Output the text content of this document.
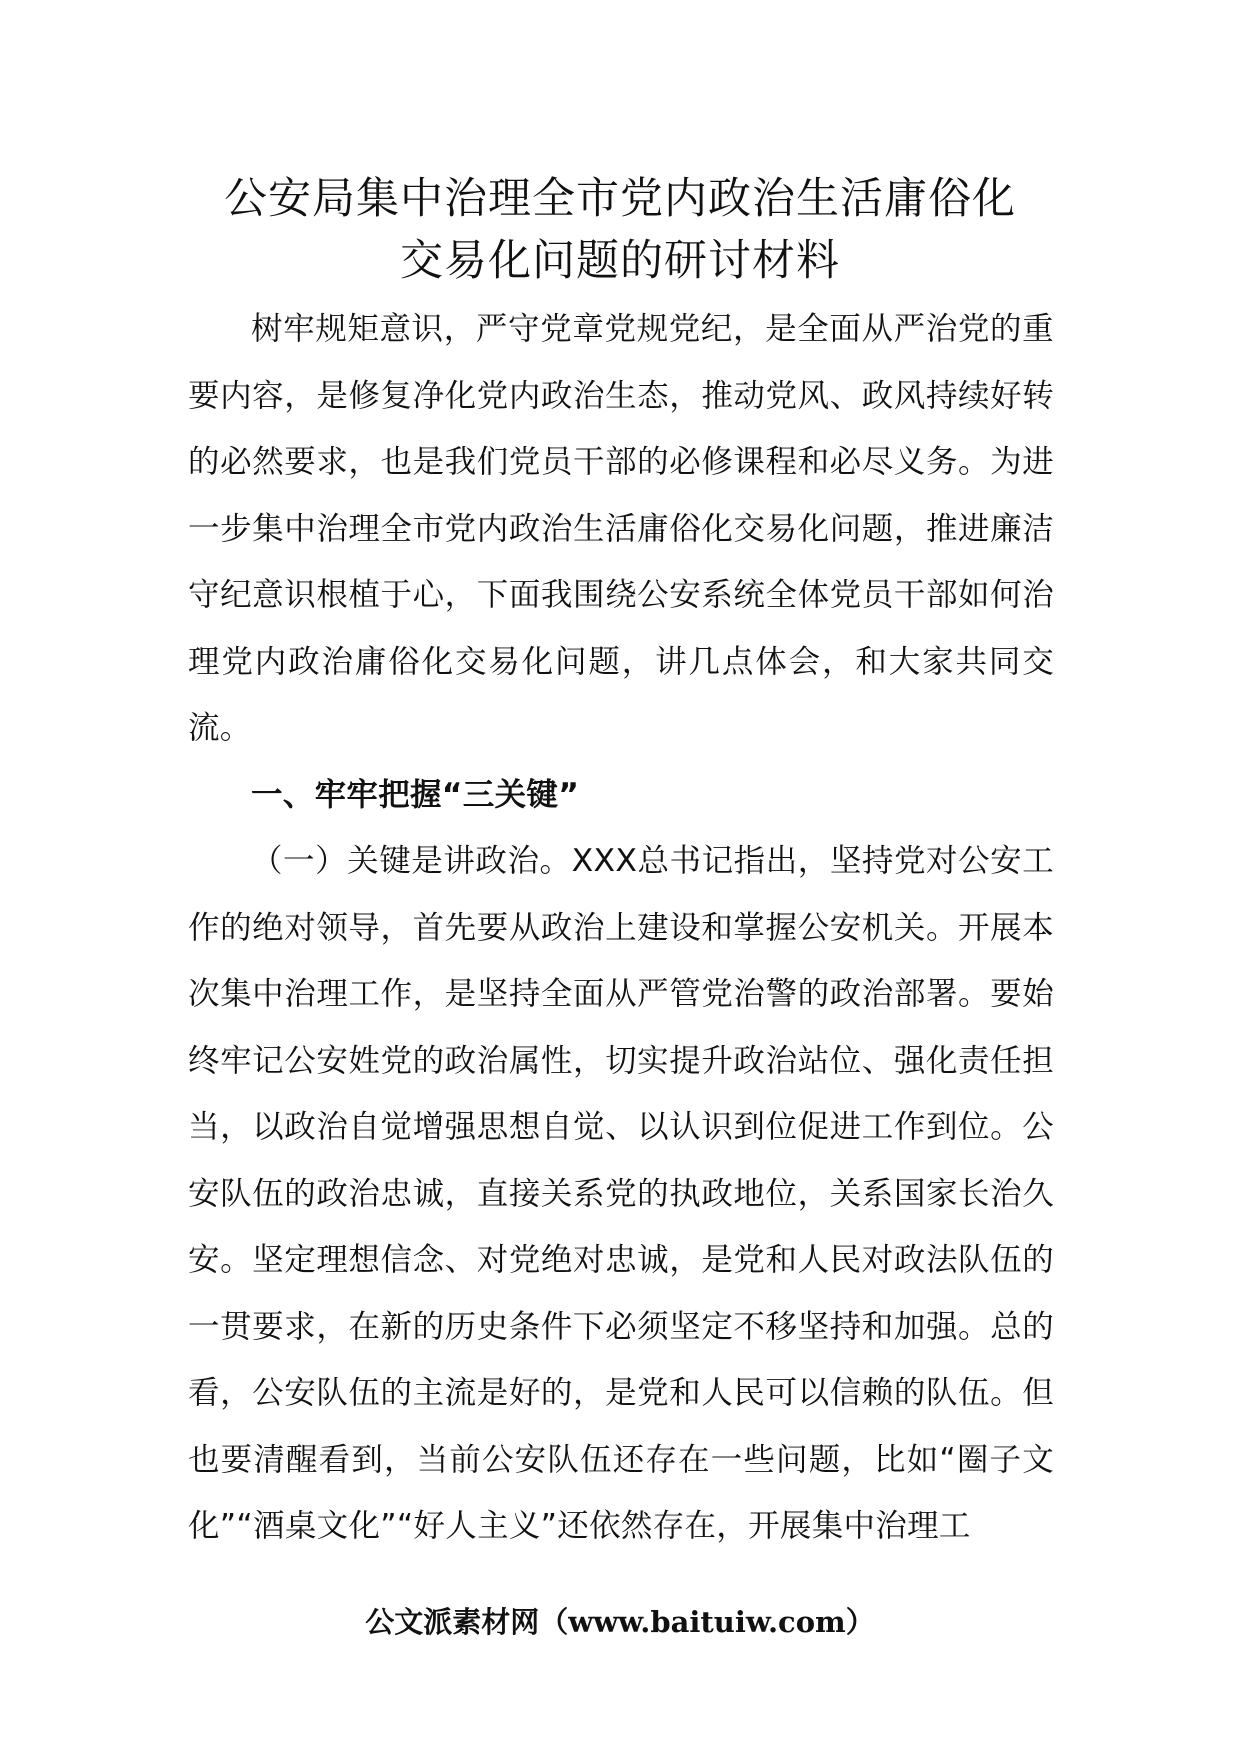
公安局集中治理全市党内政治生活庸俗化
交易化问题的研讨材料

树牢规矩意识，严守党章党规党纪，是全面从严治党的重要内容，是修复净化党内政治生态，推动党风、政风持续好转的必然要求，也是我们党员干部的必修课程和必尽义务。为进一步集中治理全市党内政治生活庸俗化交易化问题，推进廉洁守纪意识根植于心，下面我围绕公安系统全体党员干部如何治理党内政治庸俗化交易化问题，讲几点体会，和大家共同交流。

一、牢牢把握“三关键”

（一）关键是讲政治。XXX总书记指出，坚持党对公安工作的绝对领导，首先要从政治上建设和掌握公安机关。开展本次集中治理工作，是坚持全面从严管党治警的政治部署。要始终牢记公安姓党的政治属性，切实提升政治站位、强化责任担当，以政治自觉增强思想自觉、以认识到位促进工作到位。公安队伍的政治忠诚，直接关系党的执政地位，关系国家长治久安。坚定理想信念、对党绝对忠诚，是党和人民对政法队伍的一贯要求，在新的历史条件下必须坚定不移坚持和加强。总的看，公安队伍的主流是好的，是党和人民可以信赖的队伍。但也要清醒看到，当前公安队伍还存在一些问题，比如“圈子文化”“酒桌文化”“好人主义”还依然存在，开展集中治理工

公文派素材网（www.baituiw.com）
